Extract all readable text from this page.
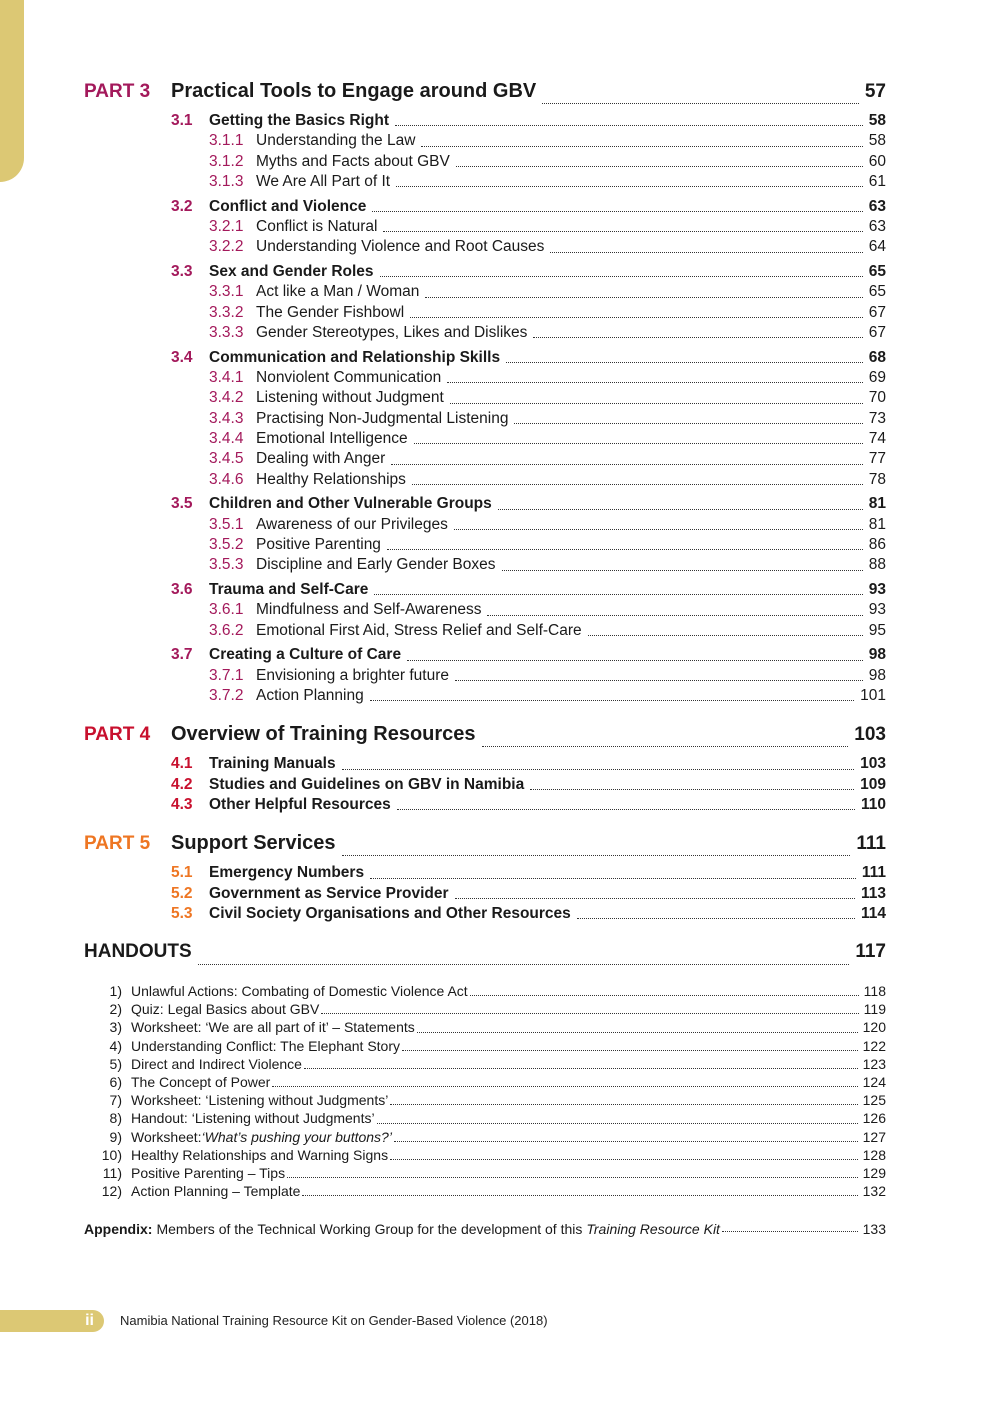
PART 3	Practical Tools to Engage around GBV	57
3.1	Getting the Basics Right	58
3.1.1 Understanding the Law	58
3.1.2 Myths and Facts about GBV	60
3.1.3 We Are All Part of It	61
3.2	Conflict and Violence	63
3.2.1 Conflict is Natural	63
3.2.2 Understanding Violence and Root Causes	64
3.3	Sex and Gender Roles	65
3.3.1 Act like a Man / Woman	65
3.3.2 The Gender Fishbowl	67
3.3.3 Gender Stereotypes, Likes and Dislikes	67
3.4	Communication and Relationship Skills	68
3.4.1 Nonviolent Communication	69
3.4.2 Listening without Judgment	70
3.4.3 Practising Non-Judgmental Listening	73
3.4.4 Emotional Intelligence	74
3.4.5 Dealing with Anger	77
3.4.6 Healthy Relationships	78
3.5	Children and Other Vulnerable Groups	81
3.5.1 Awareness of our Privileges	81
3.5.2 Positive Parenting	86
3.5.3 Discipline and Early Gender Boxes	88
3.6	Trauma and Self-Care	93
3.6.1 Mindfulness and Self-Awareness	93
3.6.2 Emotional First Aid, Stress Relief and Self-Care	95
3.7	Creating a Culture of Care	98
3.7.1 Envisioning a brighter future	98
3.7.2 Action Planning	101
PART 4	Overview of Training Resources	103
4.1	Training Manuals	103
4.2	Studies and Guidelines on GBV in Namibia	109
4.3	Other Helpful Resources	110
PART 5	Support Services	111
5.1	Emergency Numbers	111
5.2	Government as Service Provider	113
5.3	Civil Society Organisations and Other Resources	114
HANDOUTS	117
1) Unlawful Actions: Combating of Domestic Violence Act	118
2) Quiz: Legal Basics about GBV	119
3) Worksheet: ‘We are all part of it’ – Statements	120
4) Understanding Conflict: The Elephant Story	122
5) Direct and Indirect Violence	123
6) The Concept of Power	124
7) Worksheet: ‘Listening without Judgments’	125
8) Handout: ‘Listening without Judgments’	126
9) Worksheet: ‘What’s pushing your buttons?’	127
10) Healthy Relationships and Warning Signs	128
11) Positive Parenting – Tips	129
12) Action Planning – Template	132
Appendix: Members of the Technical Working Group for the development of this Training Resource Kit	133
ii	Namibia National Training Resource Kit on Gender-Based Violence (2018)
